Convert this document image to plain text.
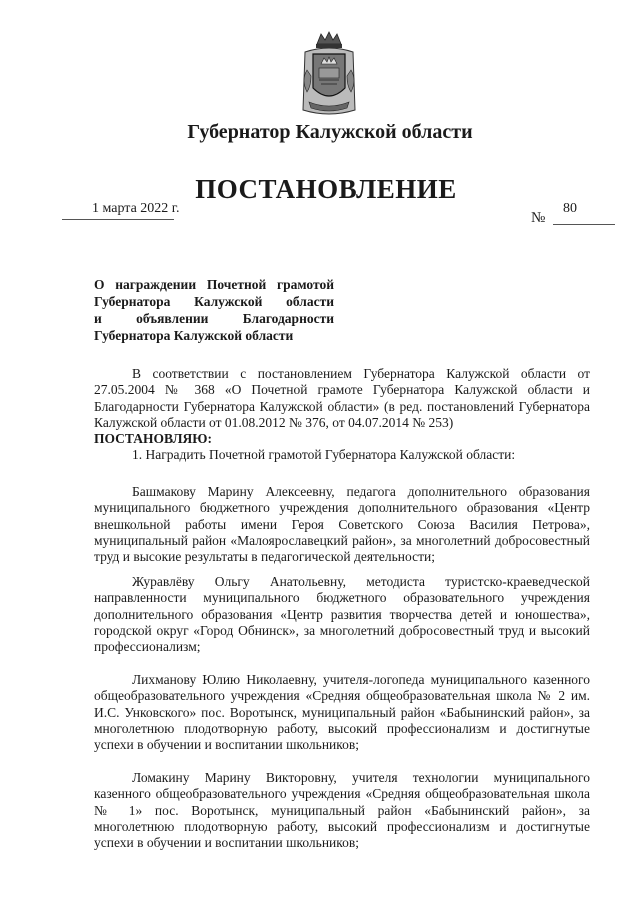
Губернатор Калужской области
ПОСТАНОВЛЕНИЕ
1 марта 2022 г.
№
80
О награждении Почетной грамотой
Губернатора Калужской области
и объявлении Благодарности
Губернатора Калужской области
В соответствии с постановлением Губернатора Калужской области от 27.05.2004 № 368 «О Почетной грамоте Губернатора Калужской области и Благодарности Губернатора Калужской области» (в ред. постановлений Губернатора Калужской области от 01.08.2012 № 376, от 04.07.2014 № 253)
ПОСТАНОВЛЯЮ:
1. Наградить Почетной грамотой Губернатора Калужской области:
Башмакову Марину Алексеевну, педагога дополнительного образования муниципального бюджетного учреждения дополнительного образования «Центр внешкольной работы имени Героя Советского Союза Василия Петрова», муниципальный район «Малоярославецкий район», за многолетний добросовестный труд и высокие результаты в педагогической деятельности;
Журавлёву Ольгу Анатольевну, методиста туристско-краеведческой направленности муниципального бюджетного образовательного учреждения дополнительного образования «Центр развития творчества детей и юношества», городской округ «Город Обнинск», за многолетний добросовестный труд и высокий профессионализм;
Лихманову Юлию Николаевну, учителя-логопеда муниципального казенного общеобразовательного учреждения «Средняя общеобразовательная школа № 2 им. И.С. Унковского» пос. Воротынск, муниципальный район «Бабынинский район», за многолетнюю плодотворную работу, высокий профессионализм и достигнутые успехи в обучении и воспитании школьников;
Ломакину Марину Викторовну, учителя технологии муниципального казенного общеобразовательного учреждения «Средняя общеобразовательная школа № 1» пос. Воротынск, муниципальный район «Бабынинский район», за многолетнюю плодотворную работу, высокий профессионализм и достигнутые успехи в обучении и воспитании школьников;
